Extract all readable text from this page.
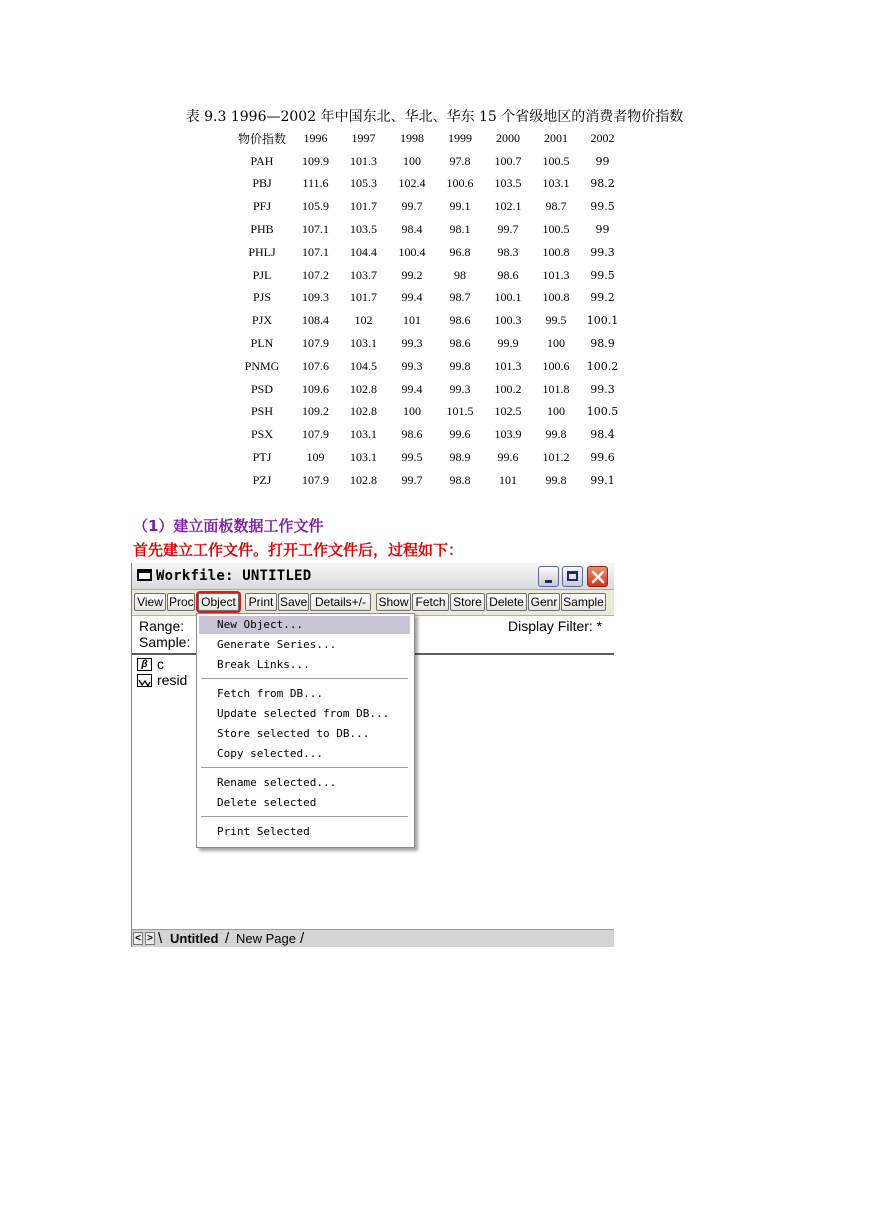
表 9.3 1996—2002 年中国东北、华北、华东 15 个省级地区的消费者物价指数
物价指数	1996	1997	1998	1999	2000	2001	2002
PAH	109.9	101.3	100	97.8	100.7	100.5	99
PBJ	111.6	105.3	102.4	100.6	103.5	103.1	98.2
PFJ	105.9	101.7	99.7	99.1	102.1	98.7	99.5
PHB	107.1	103.5	98.4	98.1	99.7	100.5	99
PHLJ	107.1	104.4	100.4	96.8	98.3	100.8	99.3
PJL	107.2	103.7	99.2	98	98.6	101.3	99.5
PJS	109.3	101.7	99.4	98.7	100.1	100.8	99.2
PJX	108.4	102	101	98.6	100.3	99.5	100.1
PLN	107.9	103.1	99.3	98.6	99.9	100	98.9
PNMG	107.6	104.5	99.3	99.8	101.3	100.6	100.2
PSD	109.6	102.8	99.4	99.3	100.2	101.8	99.3
PSH	109.2	102.8	100	101.5	102.5	100	100.5
PSX	107.9	103.1	98.6	99.6	103.9	99.8	98.4
PTJ	109	103.1	99.5	98.9	99.6	101.2	99.6
PZJ	107.9	102.8	99.7	98.8	101	99.8	99.1
（1）建立面板数据工作文件
首先建立工作文件。打开工作文件后，过程如下：
Workfile: UNTITLED
View Proc Object	Print Save Details+/-	Show Fetch Store Delete Genr Sample
Range:
Sample:
Display Filter: *
β c
resid
< > \ Untitled / New Page /
New Object...
Generate Series...
Break Links...
Fetch from DB...
Update selected from DB...
Store selected to DB...
Copy selected...
Rename selected...
Delete selected
Print Selected
